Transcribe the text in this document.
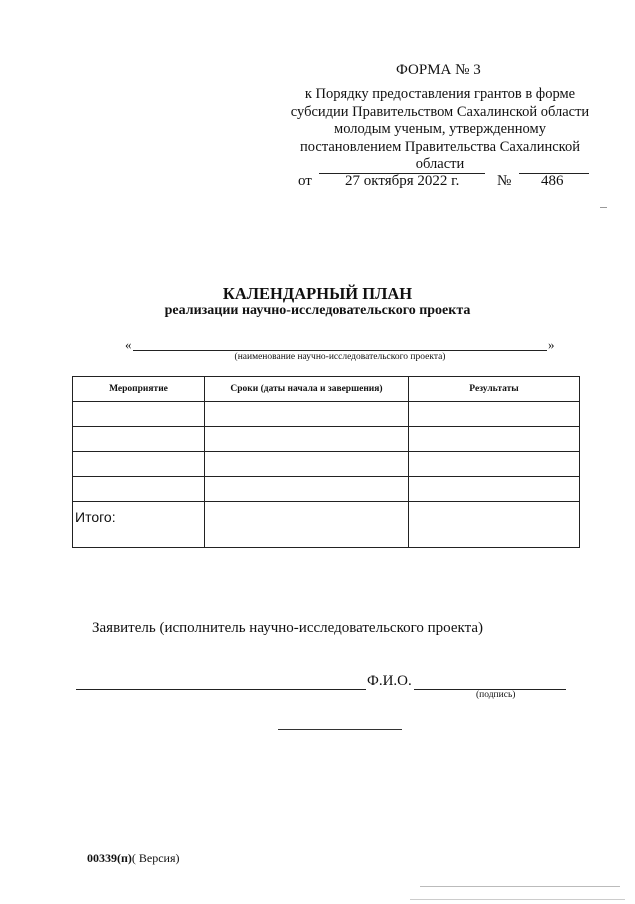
ФОРМА № 3
к Порядку предоставления грантов в форме субсидии Правительством Сахалинской области молодым ученым, утвержденному постановлением Правительства Сахалинской области
от 27 октября 2022 г.	№ 486
КАЛЕНДАРНЫЙ ПЛАН
реализации научно-исследовательского проекта
«	»
(наименование научно-исследовательского проекта)
Мероприятие	Сроки (даты начала и завершения)	Результаты

Итого:		
Заявитель (исполнитель научно-исследовательского проекта)
Ф.И.О.
(подпись)
00339(п)( Версия)
